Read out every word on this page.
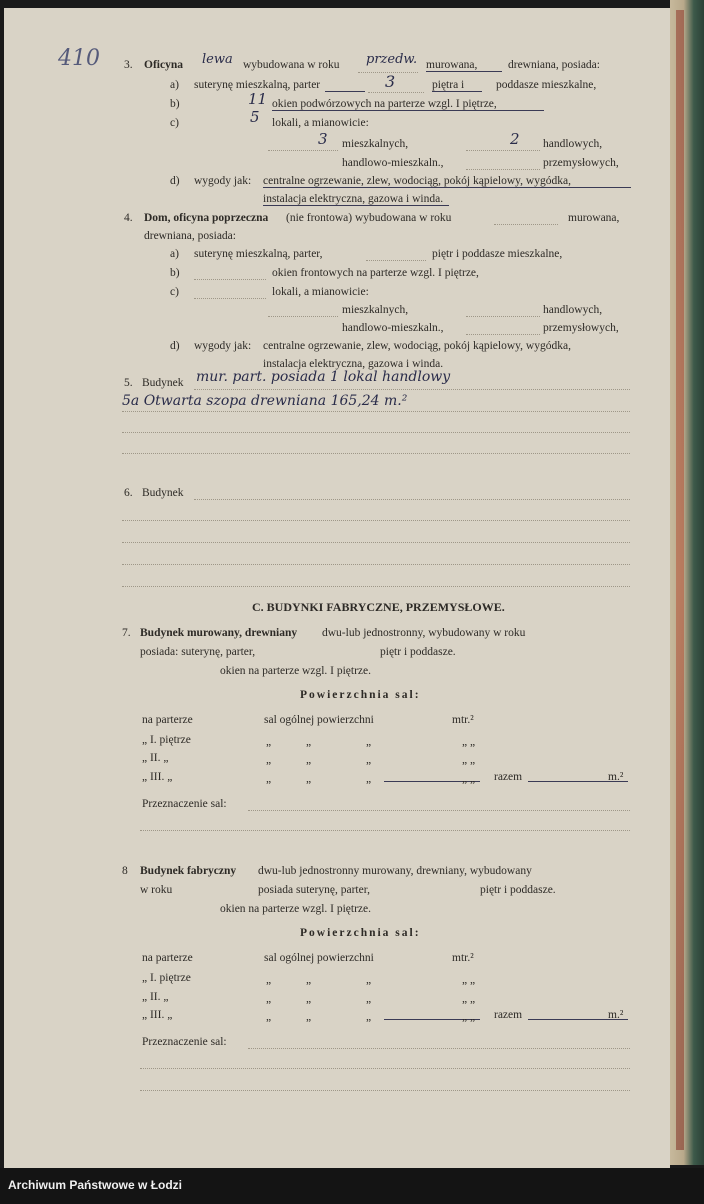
410 3. Oficyna lewa wybudowana w roku przedw. murowana,	drewniana, posiada:
a) suterynę mieszkalną, parter	3	piętra i	poddasze mieszkalne,
b)	11 okien podwórzowych na parterze wzgl. I piętrze,
c)	5 lokali, a mianowicie:
3 mieszkalnych,	2 handlowych,
handlowo-mieszkaln.,	przemysłowych,
d) wygody jak: centralne ogrzewanie, zlew, wodociąg, pokój kąpielowy, wygódka,
instalacja elektryczna, gazowa i winda.
4. Dom, oficyna poprzeczna (nie frontowa) wybudowana w roku	murowana,
drewniana, posiada:
a) suterynę mieszkalną, parter,	piętr i poddasze mieszkalne,
b)	okien frontowych na parterze wzgl. I piętrze,
c)	lokali, a mianowicie:
mieszkalnych,	handlowych,
handlowo-mieszkaln.,	przemysłowych,
d) wygody jak: centralne ogrzewanie, zlew, wodociąg, pokój kąpielowy, wygódka,
instalacja elektryczna, gazowa i winda.
5. Budynek mur. part. posiada 1 lokal handlowy
5a Otwarta szopa drewniana 165,24 m.²
6. Budynek
C. BUDYNKI FABRYCZNE, PRZEMYSŁOWE.
7. Budynek murowany, drewniany dwu-lub jednostronny, wybudowany w roku
posiada: suterynę, parter,	piętr i poddasze.
okien na parterze wzgl. I piętrze.
Powierzchnia sal:
na parterze	sal ogólnej powierzchni	mtr.²
„ I. piętrze	„	„	„	„ „
„ II. „	„	„	„	„ „
„ III. „	„	„	„	„ „ razem	m.²
Przeznaczenie sal:
8 Budynek fabryczny dwu-lub jednostronny murowany, drewniany, wybudowany
w roku	posiada suterynę, parter,	piętr i poddasze.
okien na parterze wzgl. I piętrze.
Powierzchnia sal:
na parterze	sal ogólnej powierzchni	mtr.²
„ I. piętrze	„	„	„	„ „
„ II. „	„	„	„	„ „
„ III. „	„	„	„	„ „ razem	m.²
Przeznaczenie sal:
Archiwum Państwowe w Łodzi
